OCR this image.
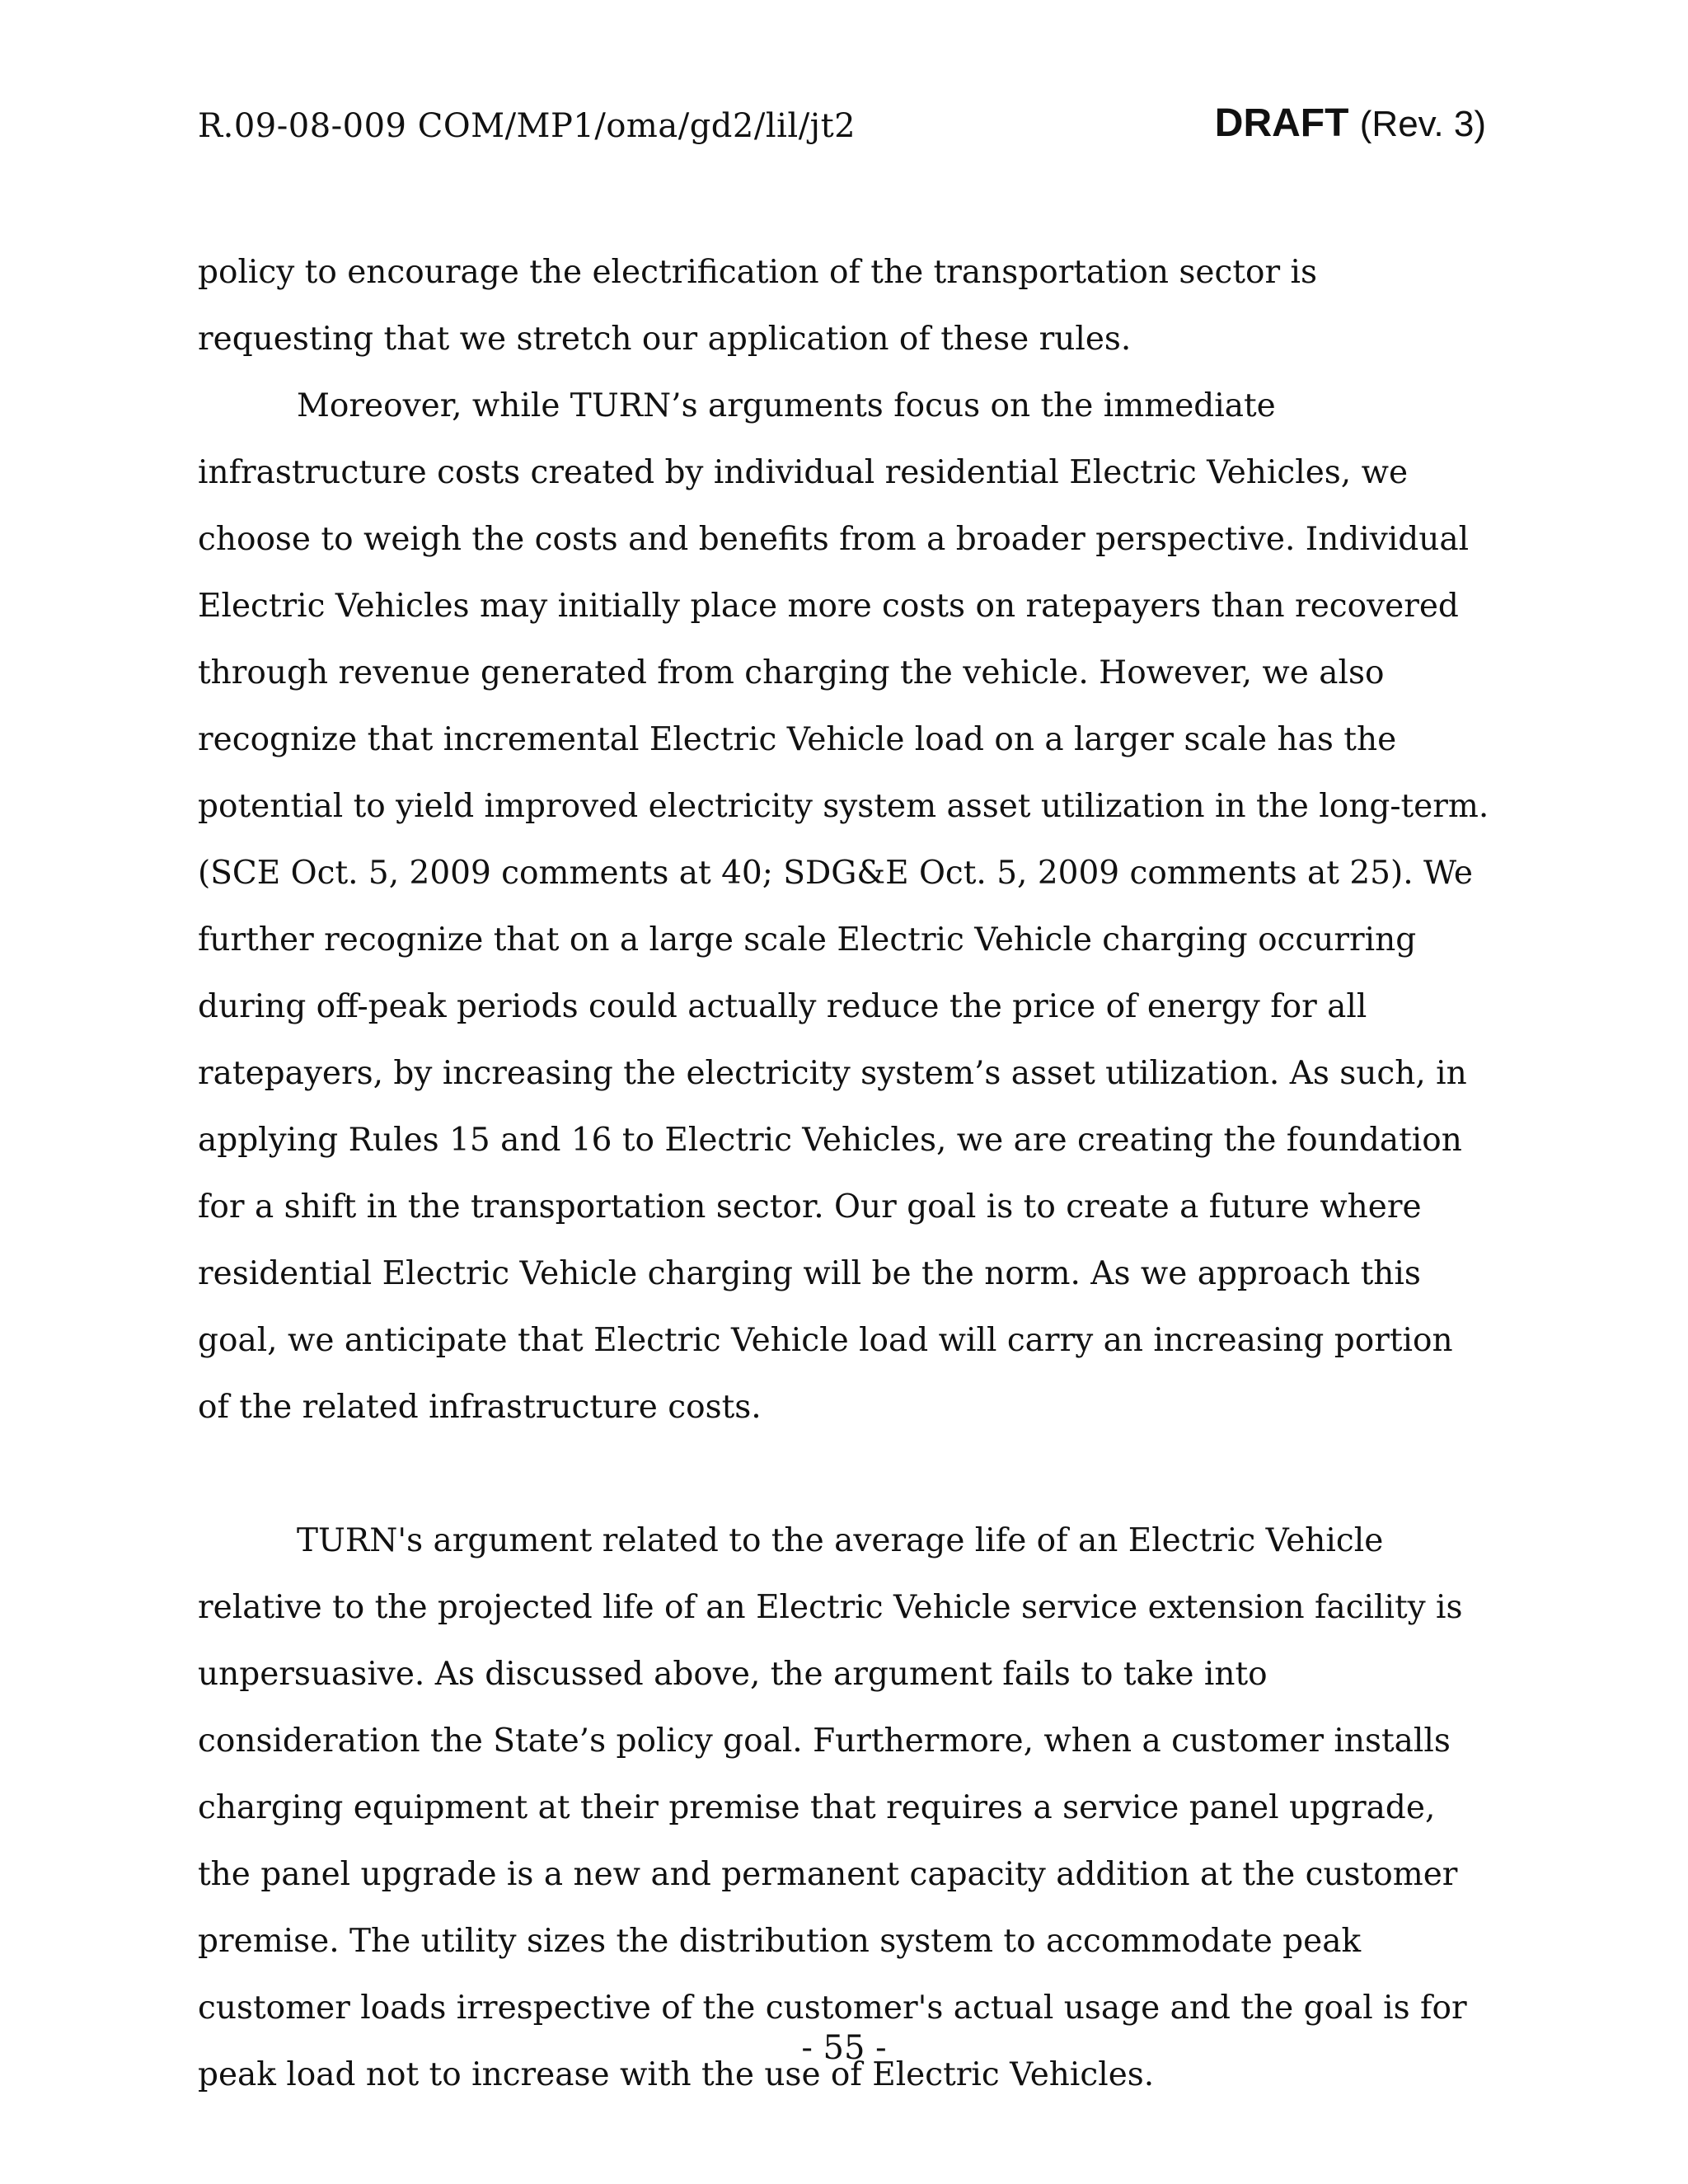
R.09-08-009 COM/MP1/oma/gd2/lil/jt2	DRAFT (Rev. 3)

policy to encourage the electrification of the transportation sector is requesting that we stretch our application of these rules.

Moreover, while TURN’s arguments focus on the immediate infrastructure costs created by individual residential Electric Vehicles, we choose to weigh the costs and benefits from a broader perspective. Individual Electric Vehicles may initially place more costs on ratepayers than recovered through revenue generated from charging the vehicle. However, we also recognize that incremental Electric Vehicle load on a larger scale has the potential to yield improved electricity system asset utilization in the long-term. (SCE Oct. 5, 2009 comments at 40; SDG&E Oct. 5, 2009 comments at 25). We further recognize that on a large scale Electric Vehicle charging occurring during off-peak periods could actually reduce the price of energy for all ratepayers, by increasing the electricity system’s asset utilization. As such, in applying Rules 15 and 16 to Electric Vehicles, we are creating the foundation for a shift in the transportation sector. Our goal is to create a future where residential Electric Vehicle charging will be the norm. As we approach this goal, we anticipate that Electric Vehicle load will carry an increasing portion of the related infrastructure costs.

TURN's argument related to the average life of an Electric Vehicle relative to the projected life of an Electric Vehicle service extension facility is unpersuasive. As discussed above, the argument fails to take into consideration the State’s policy goal. Furthermore, when a customer installs charging equipment at their premise that requires a service panel upgrade, the panel upgrade is a new and permanent capacity addition at the customer premise. The utility sizes the distribution system to accommodate peak customer loads irrespective of the customer's actual usage and the goal is for peak load not to increase with the use of Electric Vehicles.

- 55 -
